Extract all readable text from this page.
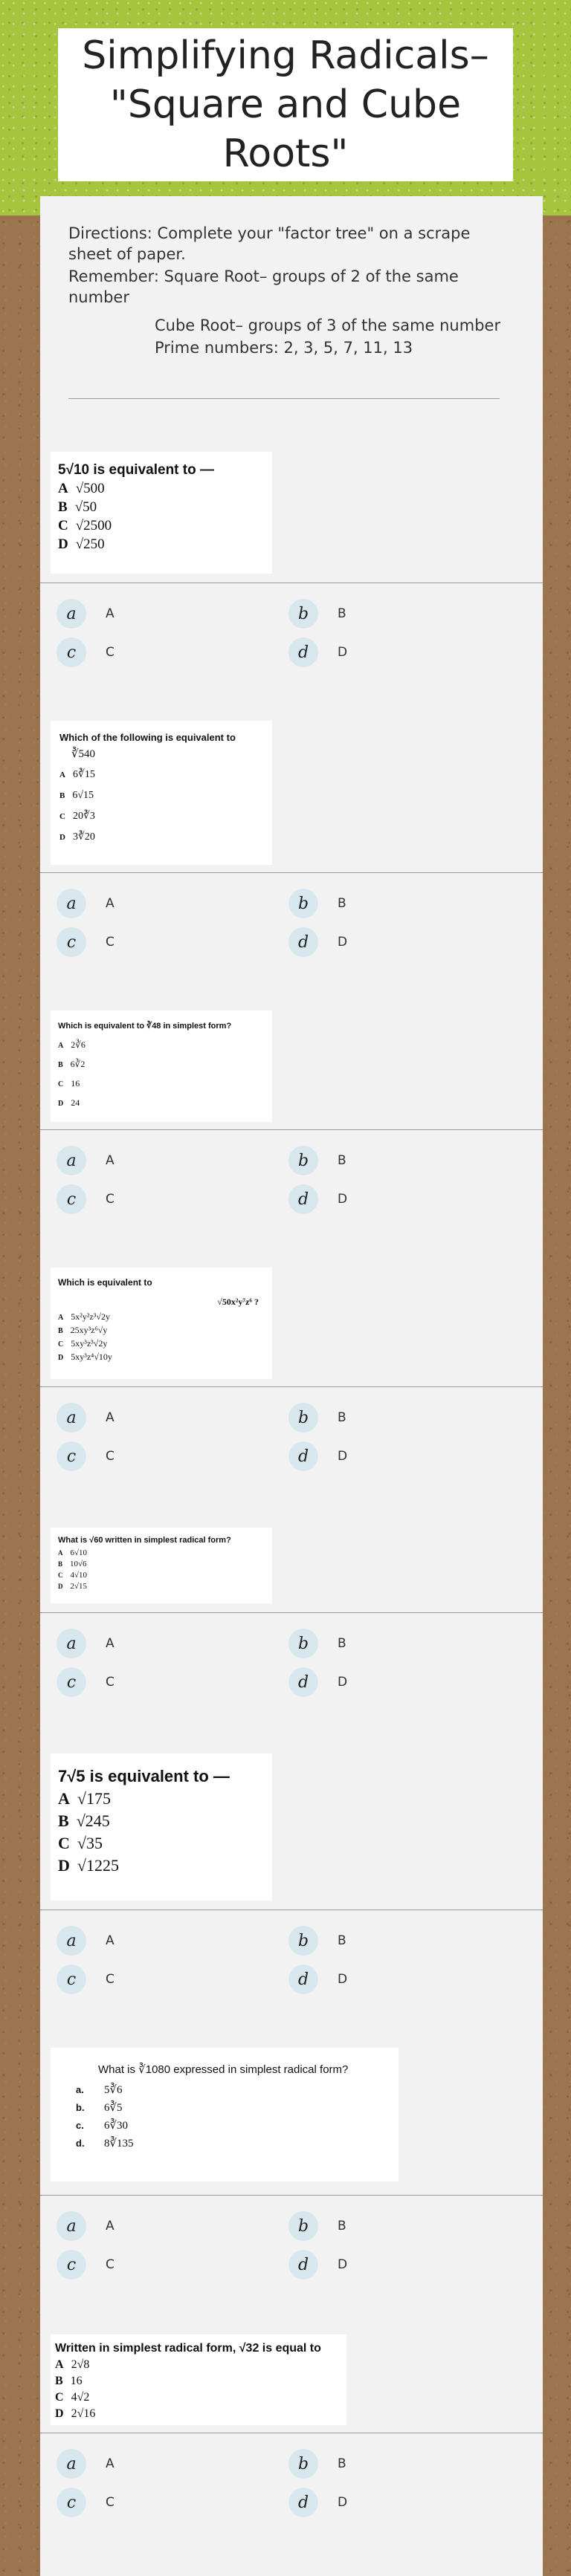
Simplifying Radicals– "Square and Cube Roots"

Directions: Complete your "factor tree" on a scrape sheet of paper.

Remember: Square Root– groups of 2 of the same number

Cube Root– groups of 3 of the same number

Prime numbers: 2, 3, 5, 7, 11, 13

5√10 is equivalent to —
A √500
B √50
C √2500
D √250
a	A	b	B
c	C	d	D
Which of the following is equivalent to
∛540
A 6∛15
B 6√15
C 20∛3
D 3∛20
a	A	b	B
c	C	d	D
Which is equivalent to ∛48 in simplest form?
A 2∛6
B 6∛2
C 16
D 24
a	A	b	B
c	C	d	D
Which is equivalent to
√50x²y⁷z⁶ ?
A 5x²y²z³√2y
B 25xy³z⁶√y
C 5xy³z³√2y
D 5xy³z⁴√10y
a	A	b	B
c	C	d	D
What is √60 written in simplest radical form?
A 6√10
B 10√6
C 4√10
D 2√15
a	A	b	B
c	C	d	D
7√5 is equivalent to —
A √175
B √245
C √35
D √1225
a	A	b	B
c	C	d	D
What is ∛1080 expressed in simplest radical form?
a.	5∛6
b.	6∛5
c.	6∛30
d.	8∛135
a	A	b	B
c	C	d	D
Written in simplest radical form, √32 is equal to
A 2√8
B 16
C 4√2
D 2√16
a	A	b	B
c	C	d	D
